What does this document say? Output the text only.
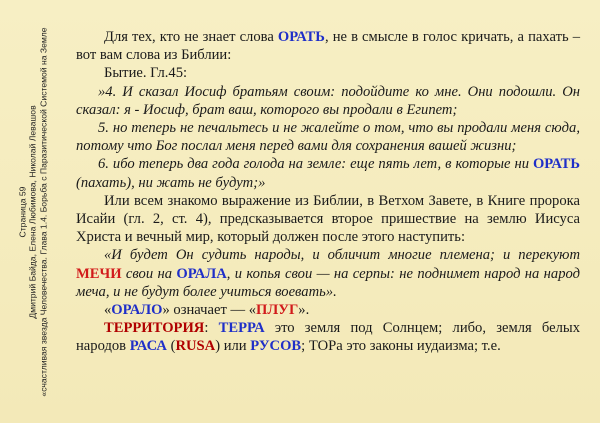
Страница 59 Дмитрий Байда, Елена Любимова, Николай Левашов «счастливая звезда Человечества. Глава 1.4. Борьба с Паразитической Системой на Земле	Для тех, кто не знает слова ОРАТЬ, не в смысле в голос кричать, а пахать – вот вам слова из Библии:

Бытие. Гл.45:

»4. И сказал Иосиф братьям своим: подойдите ко мне. Они подошли. Он сказал: я - Иосиф, брат ваш, которого вы продали в Египет;

5. но теперь не печальтесь и не жалейте о том, что вы продали меня сюда, потому что Бог послал меня перед вами для сохранения вашей жизни;

6. ибо теперь два года голода на земле: еще пять лет, в которые ни ОРАТЬ (пахать), ни жать не будут;»

Или всем знакомо выражение из Библии, в Ветхом Завете, в Книге пророка Исайи (гл. 2, ст. 4), предсказывается второе пришествие на землю Иисуса Христа и вечный мир, который должен после этого наступить:

«И будет Он судить народы, и обличит многие племена; и перекуют МЕЧИ свои на ОРАЛА, и копья свои — на серпы: не поднимет народ на народ меча, и не будут более учиться воевать».

«ОРАЛО» означает — «ПЛУГ».

ТЕРРИТОРИЯ: ТЕРРА это земля под Солнцем; либо, земля белых народов РАСА (RUSA) или РУСОВ; ТОРа это законы иудаизма; т.е.
